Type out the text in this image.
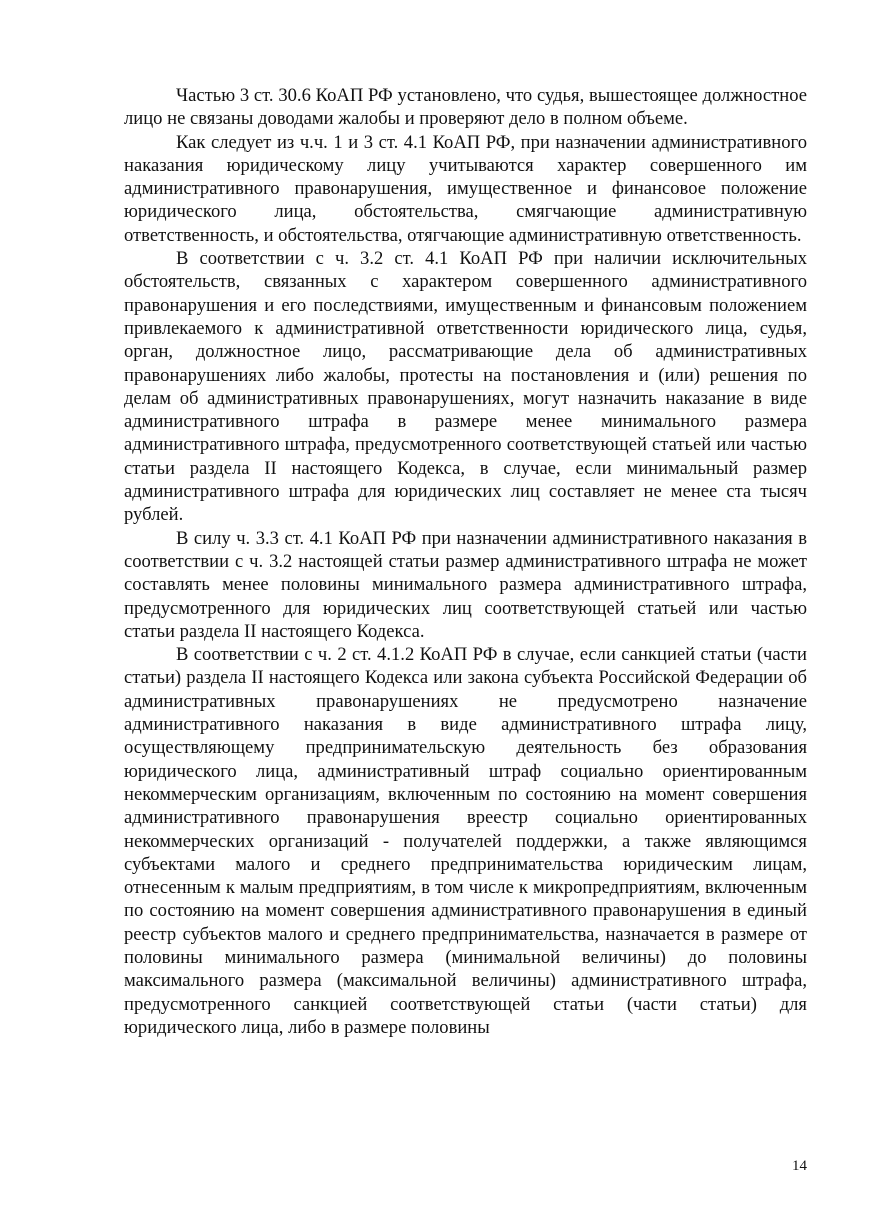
Частью 3 ст. 30.6 КоАП РФ установлено, что судья, вышестоящее должностное лицо не связаны доводами жалобы и проверяют дело в полном объеме.

Как следует из ч.ч. 1 и 3 ст. 4.1 КоАП РФ, при назначении административного наказания юридическому лицу учитываются характер совершенного им административного правонарушения, имущественное и финансовое положение юридического лица, обстоятельства, смягчающие административную ответственность, и обстоятельства, отягчающие административную ответственность.

В соответствии с ч. 3.2 ст. 4.1 КоАП РФ при наличии исключительных обстоятельств, связанных с характером совершенного административного правонарушения и его последствиями, имущественным и финансовым положением привлекаемого к административной ответственности юридического лица, судья, орган, должностное лицо, рассматривающие дела об административных правонарушениях либо жалобы, протесты на постановления и (или) решения по делам об административных правонарушениях, могут назначить наказание в виде административного штрафа в размере менее минимального размера административного штрафа, предусмотренного соответствующей статьей или частью статьи раздела II настоящего Кодекса, в случае, если минимальный размер административного штрафа для юридических лиц составляет не менее ста тысяч рублей.

В силу ч. 3.3 ст. 4.1 КоАП РФ при назначении административного наказания в соответствии с ч. 3.2 настоящей статьи размер административного штрафа не может составлять менее половины минимального размера административного штрафа, предусмотренного для юридических лиц соответствующей статьей или частью статьи раздела II настоящего Кодекса.

В соответствии с ч. 2 ст. 4.1.2 КоАП РФ в случае, если санкцией статьи (части статьи) раздела II настоящего Кодекса или закона субъекта Российской Федерации об административных правонарушениях не предусмотрено назначение административного наказания в виде административного штрафа лицу, осуществляющему предпринимательскую деятельность без образования юридического лица, административный штраф социально ориентированным некоммерческим организациям, включенным по состоянию на момент совершения административного правонарушения вреестр социально ориентированных некоммерческих организаций - получателей поддержки, а также являющимся субъектами малого и среднего предпринимательства юридическим лицам, отнесенным к малым предприятиям, в том числе к микропредприятиям, включенным по состоянию на момент совершения административного правонарушения в единый реестр субъектов малого и среднего предпринимательства, назначается в размере от половины минимального размера (минимальной величины) до половины максимального размера (максимальной величины) административного штрафа, предусмотренного санкцией соответствующей статьи (части статьи) для юридического лица, либо в размере половины

14
